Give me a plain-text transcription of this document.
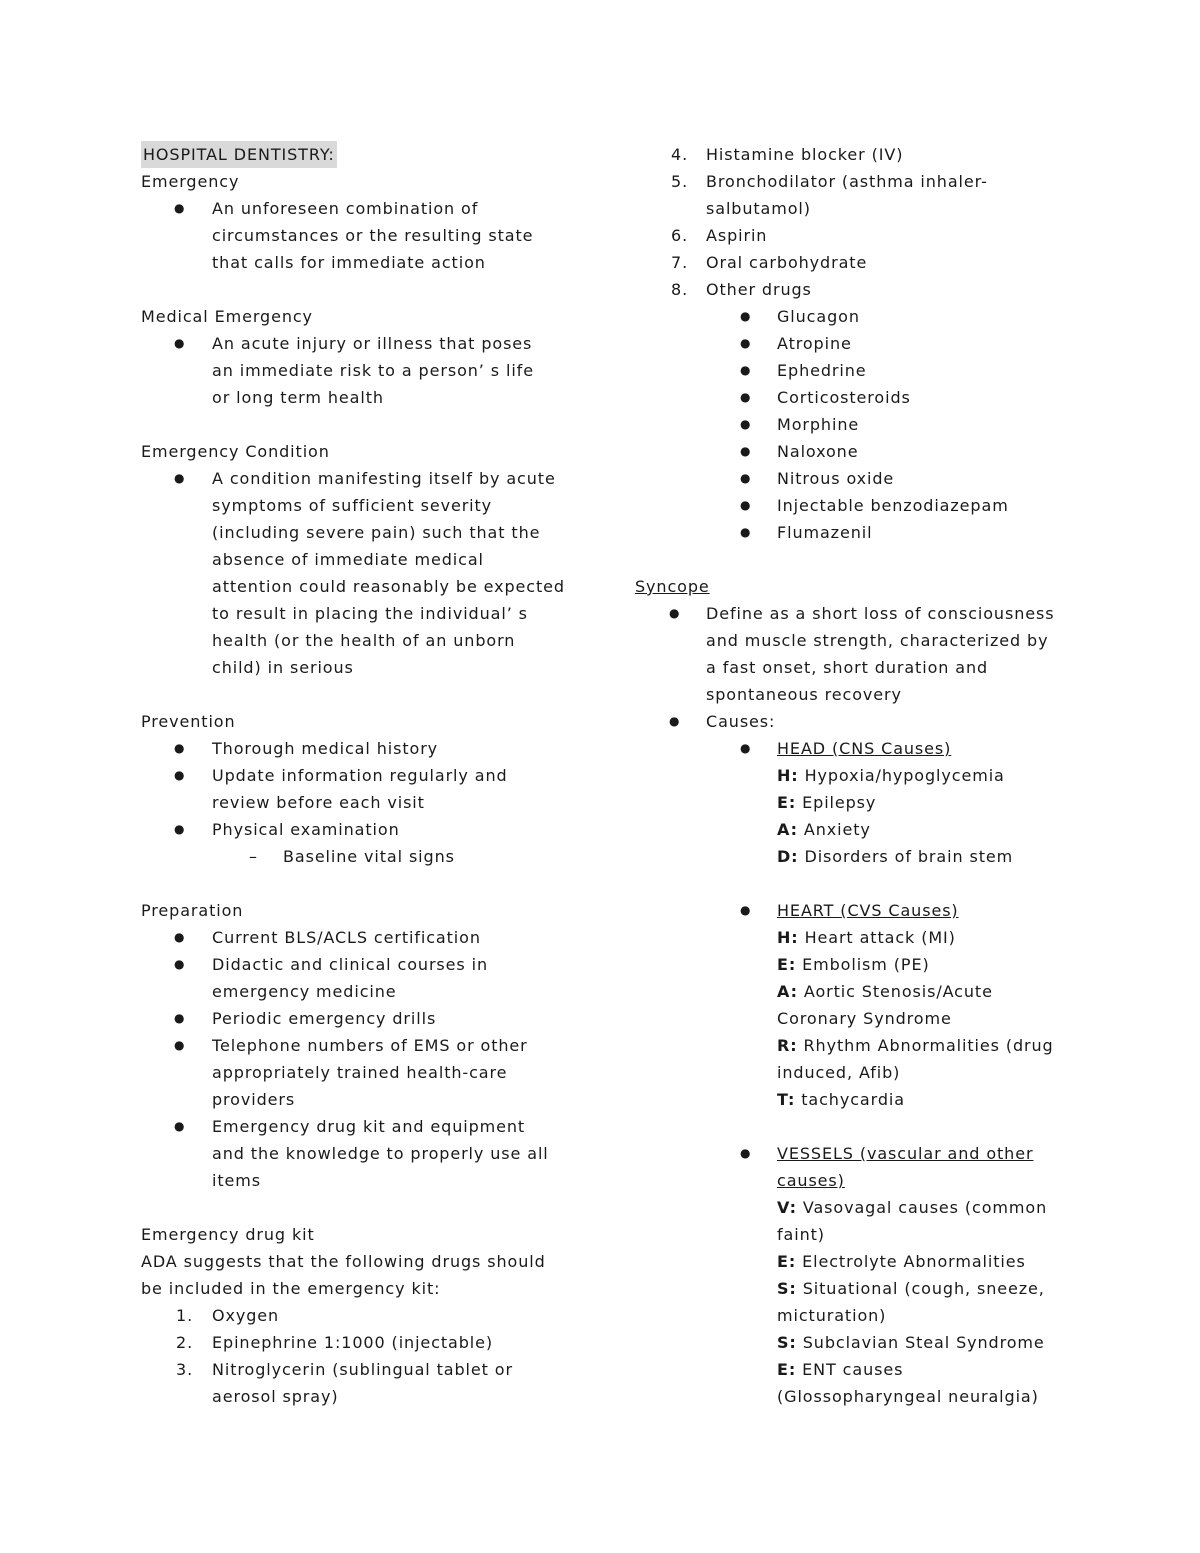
HOSPITAL DENTISTRY:
Emergency
● An unforeseen combination of
circumstances or the resulting state
that calls for immediate action
Medical Emergency
● An acute injury or illness that poses
an immediate risk to a person’ s life
or long term health
Emergency Condition
● A condition manifesting itself by acute
symptoms of sufficient severity
(including severe pain) such that the
absence of immediate medical
attention could reasonably be expected
to result in placing the individual’ s
health (or the health of an unborn
child) in serious
Prevention
● Thorough medical history
● Update information regularly and
review before each visit
● Physical examination
– Baseline vital signs
Preparation
● Current BLS/ACLS certification
● Didactic and clinical courses in
emergency medicine
● Periodic emergency drills
● Telephone numbers of EMS or other
appropriately trained health-care
providers
● Emergency drug kit and equipment
and the knowledge to properly use all
items
Emergency drug kit
ADA suggests that the following drugs should
be included in the emergency kit:
1. Oxygen
2. Epinephrine 1:1000 (injectable)
3. Nitroglycerin (sublingual tablet or
aerosol spray)
4. Histamine blocker (IV)
5. Bronchodilator (asthma inhaler-
salbutamol)
6. Aspirin
7. Oral carbohydrate
8. Other drugs
● Glucagon
● Atropine
● Ephedrine
● Corticosteroids
● Morphine
● Naloxone
● Nitrous oxide
● Injectable benzodiazepam
● Flumazenil
Syncope
● Define as a short loss of consciousness
and muscle strength, characterized by
a fast onset, short duration and
spontaneous recovery
● Causes:
● HEAD (CNS Causes)
H: Hypoxia/hypoglycemia
E: Epilepsy
A: Anxiety
D: Disorders of brain stem
● HEART (CVS Causes)
H: Heart attack (MI)
E: Embolism (PE)
A: Aortic Stenosis/Acute
Coronary Syndrome
R: Rhythm Abnormalities (drug
induced, Afib)
T: tachycardia
● VESSELS (vascular and other
causes)
V: Vasovagal causes (common
faint)
E: Electrolyte Abnormalities
S: Situational (cough, sneeze,
micturation)
S: Subclavian Steal Syndrome
E: ENT causes
(Glossopharyngeal neuralgia)
